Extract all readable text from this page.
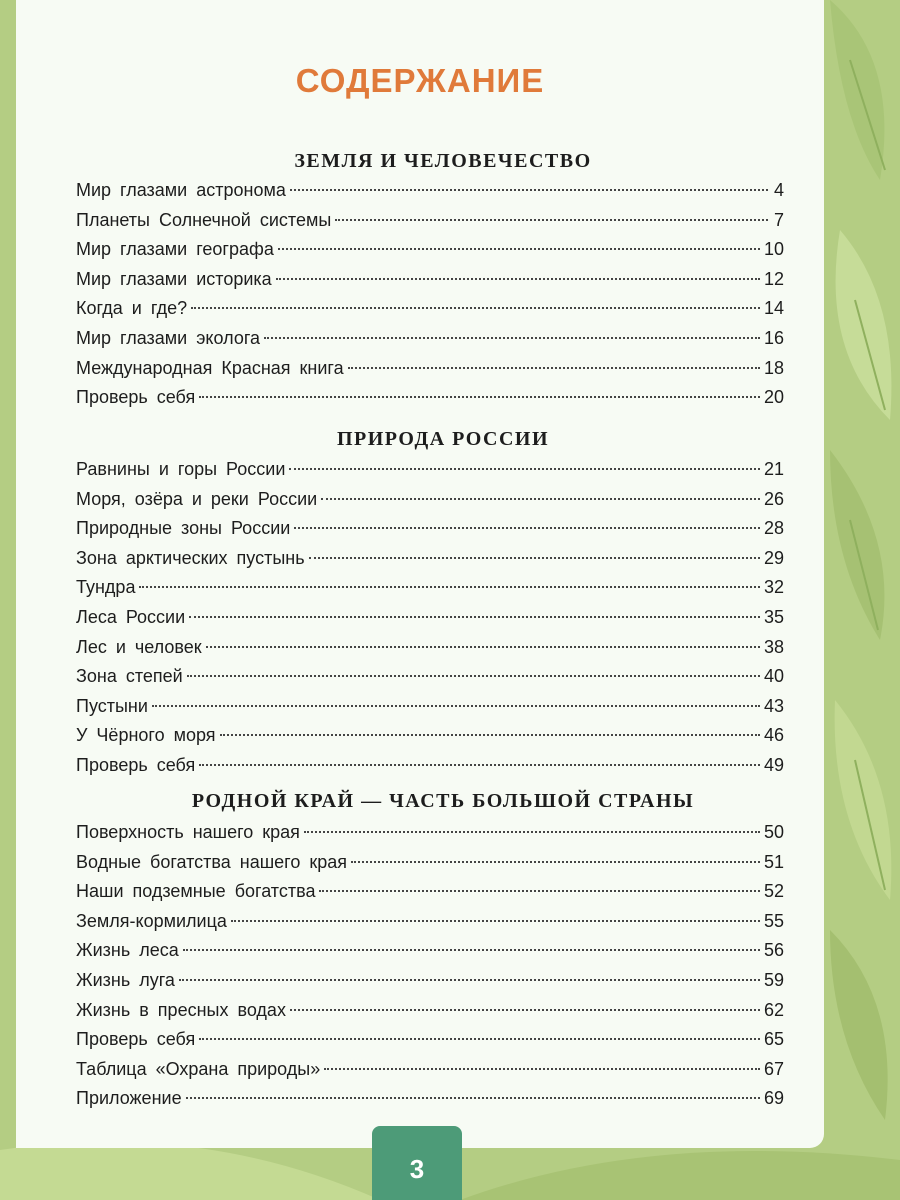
СОДЕРЖАНИЕ
ЗЕМЛЯ И ЧЕЛОВЕЧЕСТВО
Мир глазами астронома	4
Планеты Солнечной системы	7
Мир глазами географа	10
Мир глазами историка	12
Когда и где?	14
Мир глазами эколога	16
Международная Красная книга	18
Проверь себя	20
ПРИРОДА РОССИИ
Равнины и горы России	21
Моря, озёра и реки России	26
Природные зоны России	28
Зона арктических пустынь	29
Тундра	32
Леса России	35
Лес и человек	38
Зона степей	40
Пустыни	43
У Чёрного моря	46
Проверь себя	49
РОДНОЙ КРАЙ — ЧАСТЬ БОЛЬШОЙ СТРАНЫ
Поверхность нашего края	50
Водные богатства нашего края	51
Наши подземные богатства	52
Земля-кормилица	55
Жизнь леса	56
Жизнь луга	59
Жизнь в пресных водах	62
Проверь себя	65
Таблица «Охрана природы»	67
Приложение	69
3
